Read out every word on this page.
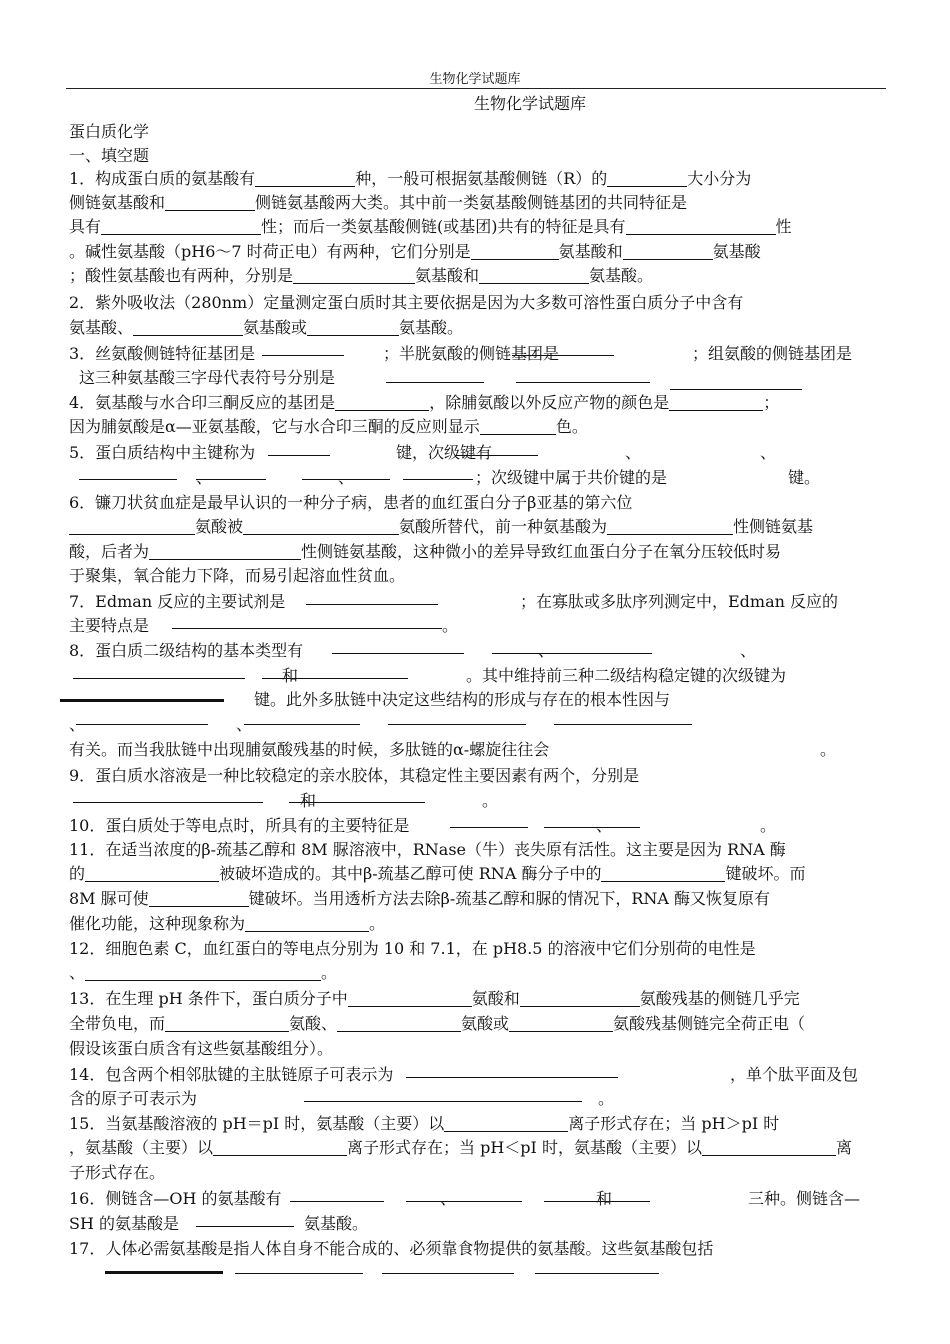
生物化学试题库
生物化学试题库
蛋白质化学
一、填空题
1．构成蛋白质的氨基酸有	种，一般可根据氨基酸侧链（R）的	大小分为
侧链氨基酸和	侧链氨基酸两大类。其中前一类氨基酸侧链基团的共同特征是
具有	性；而后一类氨基酸侧链(或基团)共有的特征是具有	性
。碱性氨基酸（pH6～7 时荷正电）有两种，它们分别是	氨基酸和	氨基酸
；酸性氨基酸也有两种，分别是	氨基酸和	氨基酸。
2．紫外吸收法（280nm）定量测定蛋白质时其主要依据是因为大多数可溶性蛋白质分子中含有
氨基酸、	氨基酸或	氨基酸。
3．丝氨酸侧链特征基团是	；半胱氨酸的侧链基团是	；组氨酸的侧链基团是
这三种氨基酸三字母代表符号分别是
4．氨基酸与水合印三酮反应的基团是	，除脯氨酸以外反应产物的颜色是	；
因为脯氨酸是α—亚氨基酸，它与水合印三酮的反应则显示	色。
5．蛋白质结构中主键称为	键，次级键有	、	、
、	、	；次级键中属于共价键的是	键。
6．镰刀状贫血症是最早认识的一种分子病，患者的血红蛋白分子β亚基的第六位
氨酸被	氨酸所替代，前一种氨基酸为	性侧链氨基
酸，后者为	性侧链氨基酸，这种微小的差异导致红血蛋白分子在氧分压较低时易
于聚集，氧合能力下降，而易引起溶血性贫血。
7．Edman 反应的主要试剂是	；在寡肽或多肽序列测定中，Edman 反应的
主要特点是	。
8．蛋白质二级结构的基本类型有	、	、
和	。其中维持前三种二级结构稳定键的次级键为
键。此外多肽链中决定这些结构的形成与存在的根本性因与
、	、
有关。而当我肽链中出现脯氨酸残基的时候，多肽链的α-螺旋往往会	。
9．蛋白质水溶液是一种比较稳定的亲水胶体，其稳定性主要因素有两个，分别是
和	。
10．蛋白质处于等电点时，所具有的主要特征是	、	。
11．在适当浓度的β-巯基乙醇和 8M 脲溶液中，RNase（牛）丧失原有活性。这主要是因为 RNA 酶
的	被破坏造成的。其中β-巯基乙醇可使 RNA 酶分子中的	键破坏。而
8M 脲可使	键破坏。当用透析方法去除β-巯基乙醇和脲的情况下，RNA 酶又恢复原有
催化功能，这种现象称为	。
12．细胞色素 C，血红蛋白的等电点分别为 10 和 7.1，在 pH8.5 的溶液中它们分别荷的电性是
、	。
13．在生理 pH 条件下，蛋白质分子中	氨酸和	氨酸残基的侧链几乎完
全带负电，而	氨酸、	氨酸或	氨酸残基侧链完全荷正电（
假设该蛋白质含有这些氨基酸组分）。
14．包含两个相邻肽键的主肽链原子可表示为	，单个肽平面及包
含的原子可表示为	。
15．当氨基酸溶液的 pH＝pI 时，氨基酸（主要）以	离子形式存在；当 pH＞pI 时
，氨基酸（主要）以	离子形式存在；当 pH＜pI 时，氨基酸（主要）以	离
子形式存在。
16．侧链含—OH 的氨基酸有	、	和	三种。侧链含—
SH 的氨基酸是	氨基酸。
17．人体必需氨基酸是指人体自身不能合成的、必须靠食物提供的氨基酸。这些氨基酸包括
